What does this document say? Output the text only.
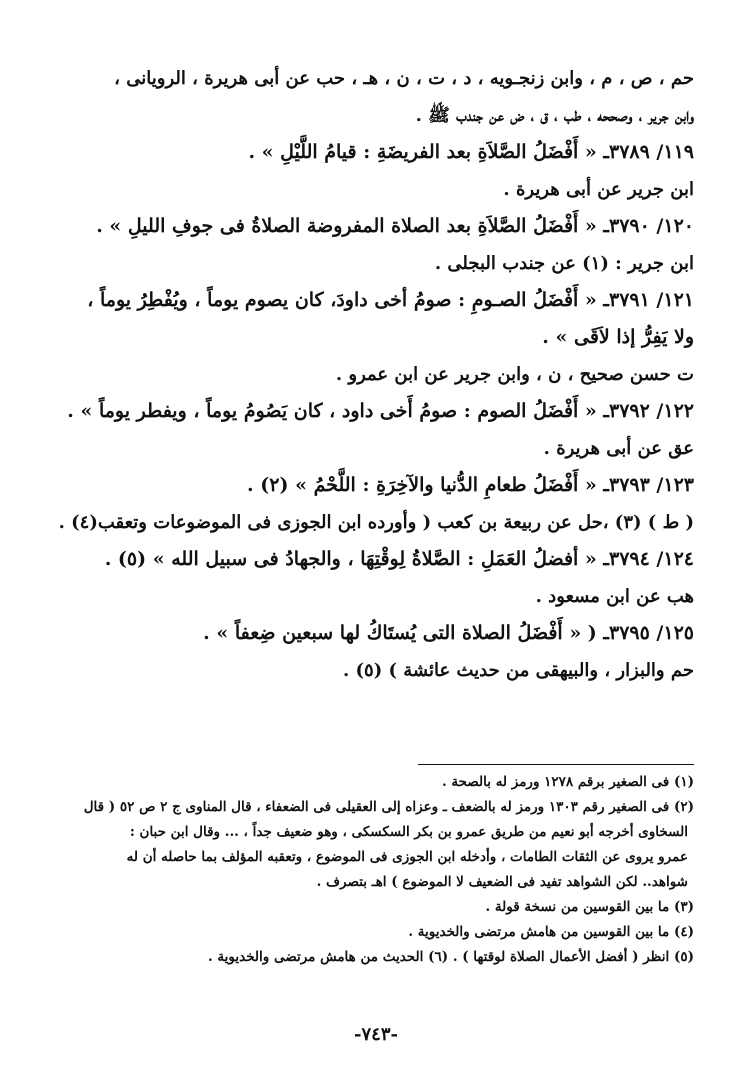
حم ، ص ، م ، وابن زنجـويه ، د ، ت ، ن ، هـ ، حب عن أبى هريرة ، الرويانى ،
وابن جرير ، وصححه ، طب ، ق ، ض عن جندب ﷺ .
١١٩/ ٣٧٨٩ـ « أَفْضَلُ الصَّلاَةِ بعد الفريضَةِ : قيامُ اللَّيْلِ » .
ابن جرير عن أبى هريرة .
١٢٠/ ٣٧٩٠ـ « أَفْضَلُ الصَّلاَةِ بعد الصلاة المفروضة الصلاةُ فى جوفِ الليلِ » .
ابن جرير : (١) عن جندب البجلى .
١٢١/ ٣٧٩١ـ « أَفْضَلُ الصـومِ : صومُ أخى داودَ، كان يصوم يوماً ، ويُفْطِرُ يوماً ،
ولا يَفِرُّ إذا لاَقَى » .
ت حسن صحيح ، ن ، وابن جرير عن ابن عمرو .
١٢٢/ ٣٧٩٢ـ « أَفْضَلُ الصوم : صومُ أَخى داود ، كان يَصُومُ يوماً ، ويفطر يوماً » .
عق عن أبى هريرة .
١٢٣/ ٣٧٩٣ـ « أَفْضَلُ طعامِ الدُّنيا والآخِرَةِ : اللَّحْمُ » (٢) .
( ط ) (٣) ،حل عن ربيعة بن كعب ( وأورده ابن الجوزى فى الموضوعات وتعقب(٤) .
١٢٤/ ٣٧٩٤ـ « أفضلُ العَمَلِ : الصَّلاةُ لِوقْتِهَا ، والجهادُ فى سبيل الله » (٥) .
هب عن ابن مسعود .
١٢٥/ ٣٧٩٥ـ ( « أَفْضَلُ الصلاة التى يُستَاكُ لها سبعين ضِعفاً » .
حم والبزار ، والبيهقى من حديث عائشة ) (٥) .
(١) فى الصغير برقم ١٢٧٨ ورمز له بالصحة .
(٢) فى الصغير رقم ١٣٠٣ ورمز له بالضعف ـ وعزاه إلى العقيلى فى الضعفاء ، قال المناوى ج ٢ ص ٥٢ ( قال
السخاوى أخرجه أبو نعيم من طريق عمرو بن بكر السكسكى ، وهو ضعيف جداً ، ... وقال ابن حبان :
عمرو يروى عن الثقات الطامات ، وأدخله ابن الجوزى فى الموضوع ، وتعقبه المؤلف بما حاصله أن له
شواهد.. لكن الشواهد تفيد فى الضعيف لا الموضوع ) اهـ بتصرف .
(٣) ما بين القوسين من نسخة قولة .
(٤) ما بين القوسين من هامش مرتضى والخديوية .
(٥) انظر ( أفضل الأعمال الصلاة لوقتها ) . (٦) الحديث من هامش مرتضى والخديوية .
-٧٤٣-
